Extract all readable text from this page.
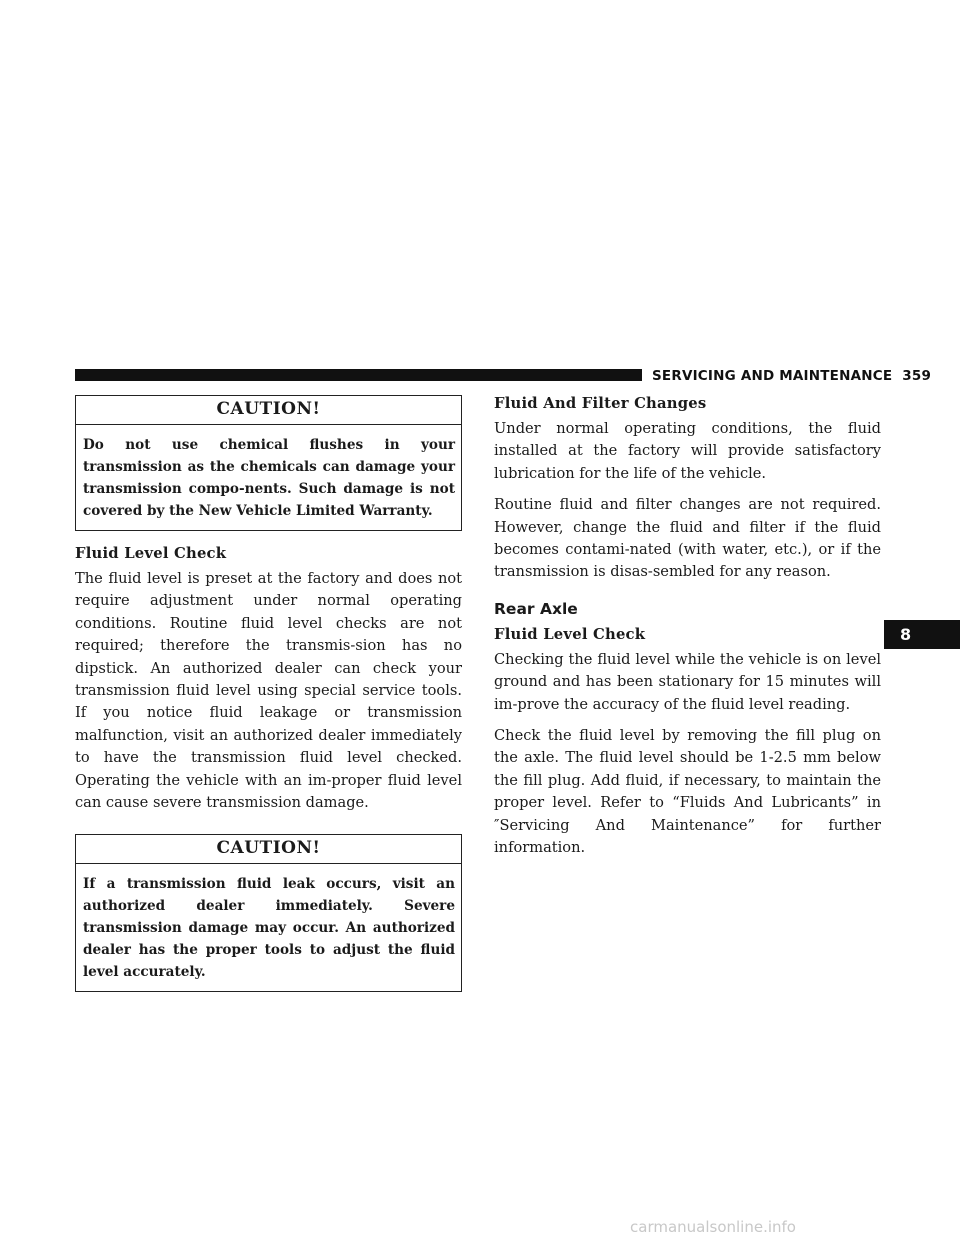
SERVICING AND MAINTENANCE 359
CAUTION!
Do not use chemical flushes in your transmission as the chemicals can damage your transmission compo-nents. Such damage is not covered by the New Vehicle Limited Warranty.
Fluid Level Check

The fluid level is preset at the factory and does not require adjustment under normal operating conditions. Routine fluid level checks are not required; therefore the transmis-sion has no dipstick. An authorized dealer can check your transmission fluid level using special service tools. If you notice fluid leakage or transmission malfunction, visit an authorized dealer immediately to have the transmission fluid level checked. Operating the vehicle with an im-proper fluid level can cause severe transmission damage.

CAUTION!
If a transmission fluid leak occurs, visit an authorized dealer immediately. Severe transmission damage may occur. An authorized dealer has the proper tools to adjust the fluid level accurately.
Fluid And Filter Changes

Under normal operating conditions, the fluid installed at the factory will provide satisfactory lubrication for the life of the vehicle.

Routine fluid and filter changes are not required. However, change the fluid and filter if the fluid becomes contami-nated (with water, etc.), or if the transmission is disas-sembled for any reason.

Rear Axle
Fluid Level Check

Checking the fluid level while the vehicle is on level ground and has been stationary for 15 minutes will im-prove the accuracy of the fluid level reading.

Check the fluid level by removing the fill plug on the axle. The fluid level should be 1-2.5 mm below the fill plug. Add fluid, if necessary, to maintain the proper level. Refer to “Fluids And Lubricants” in ″Servicing And Maintenance” for further information.

8
carmanualsonline.info
